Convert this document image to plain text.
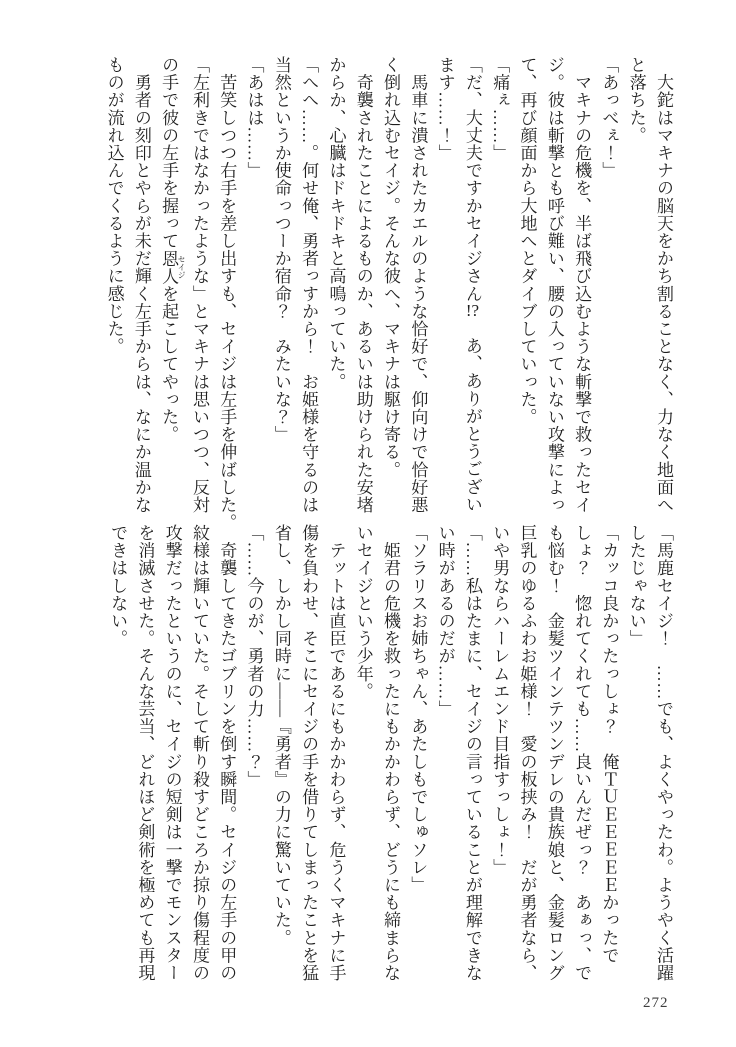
　大鉈はマキナの脳天をかち割ることなく、力なく地面へ

と落ちた。

「あっべぇ！」

　マキナの危機を、半ば飛び込むような斬撃で救ったセイ

ジ。彼は斬撃とも呼び難い、腰の入っていない攻撃によっ

て、再び顔面から大地へとダイブしていった。

「痛ぇ……」

「だ、大丈夫ですかセイジさん!?　あ、ありがとうござい

ます……！」

　馬車に潰されたカエルのような恰好で、仰向けで恰好悪

く倒れ込むセイジ。そんな彼へ、マキナは駆け寄る。

　奇襲されたことによるものか、あるいは助けられた安堵

からか、心臓はドキドキと高鳴っていた。

「へへ……。何せ俺、勇者っすから！　お姫様を守るのは

当然というか使命っつーか宿命？　みたいな？」

「あはは……」

　苦笑しつつ右手を差し出すも、セイジは左手を伸ばした。

「左利きではなかったような」とマキナは思いつつ、反対

の手で彼の左手を握って恩人 セイジを起こしてやった。

　勇者の刻印とやらが未だ輝く左手からは、なにか温かな

ものが流れ込んでくるように感じた。

「馬鹿セイジ！　……でも、よくやったわ。ようやく活躍

したじゃない」

「カッコ良かったっしょ？　俺ＴＵＥＥＥＥＥかったで

しょ？　惚れてくれても……良いんだぜっ？　あぁっ、で

も悩む！　金髪ツインテツンデレの貴族娘と、金髪ロング

巨乳のゆるふわお姫様！　愛の板挟み！　だが勇者なら、

いや男ならハーレムエンド目指すっしょ！」

「……私はたまに、セイジの言っていることが理解できな

い時があるのだが……」

「ソラリスお姉ちゃん、あたしもでしゅソレ」

　姫君の危機を救ったにもかかわらず、どうにも締まらな

いセイジという少年。

　テットは直臣であるにもかかわらず、危うくマキナに手

傷を負わせ、そこにセイジの手を借りてしまったことを猛

省し、しかし同時に――『勇者』の力に驚いていた。

「……今のが、勇者の力……？」

　奇襲してきたゴブリンを倒す瞬間。セイジの左手の甲の

紋様は輝いていた。そして斬り殺すどころか掠り傷程度の

攻撃だったというのに、セイジの短剣は一撃でモンスター

を消滅させた。そんな芸当、どれほど剣術を極めても再現

できはしない。

272
